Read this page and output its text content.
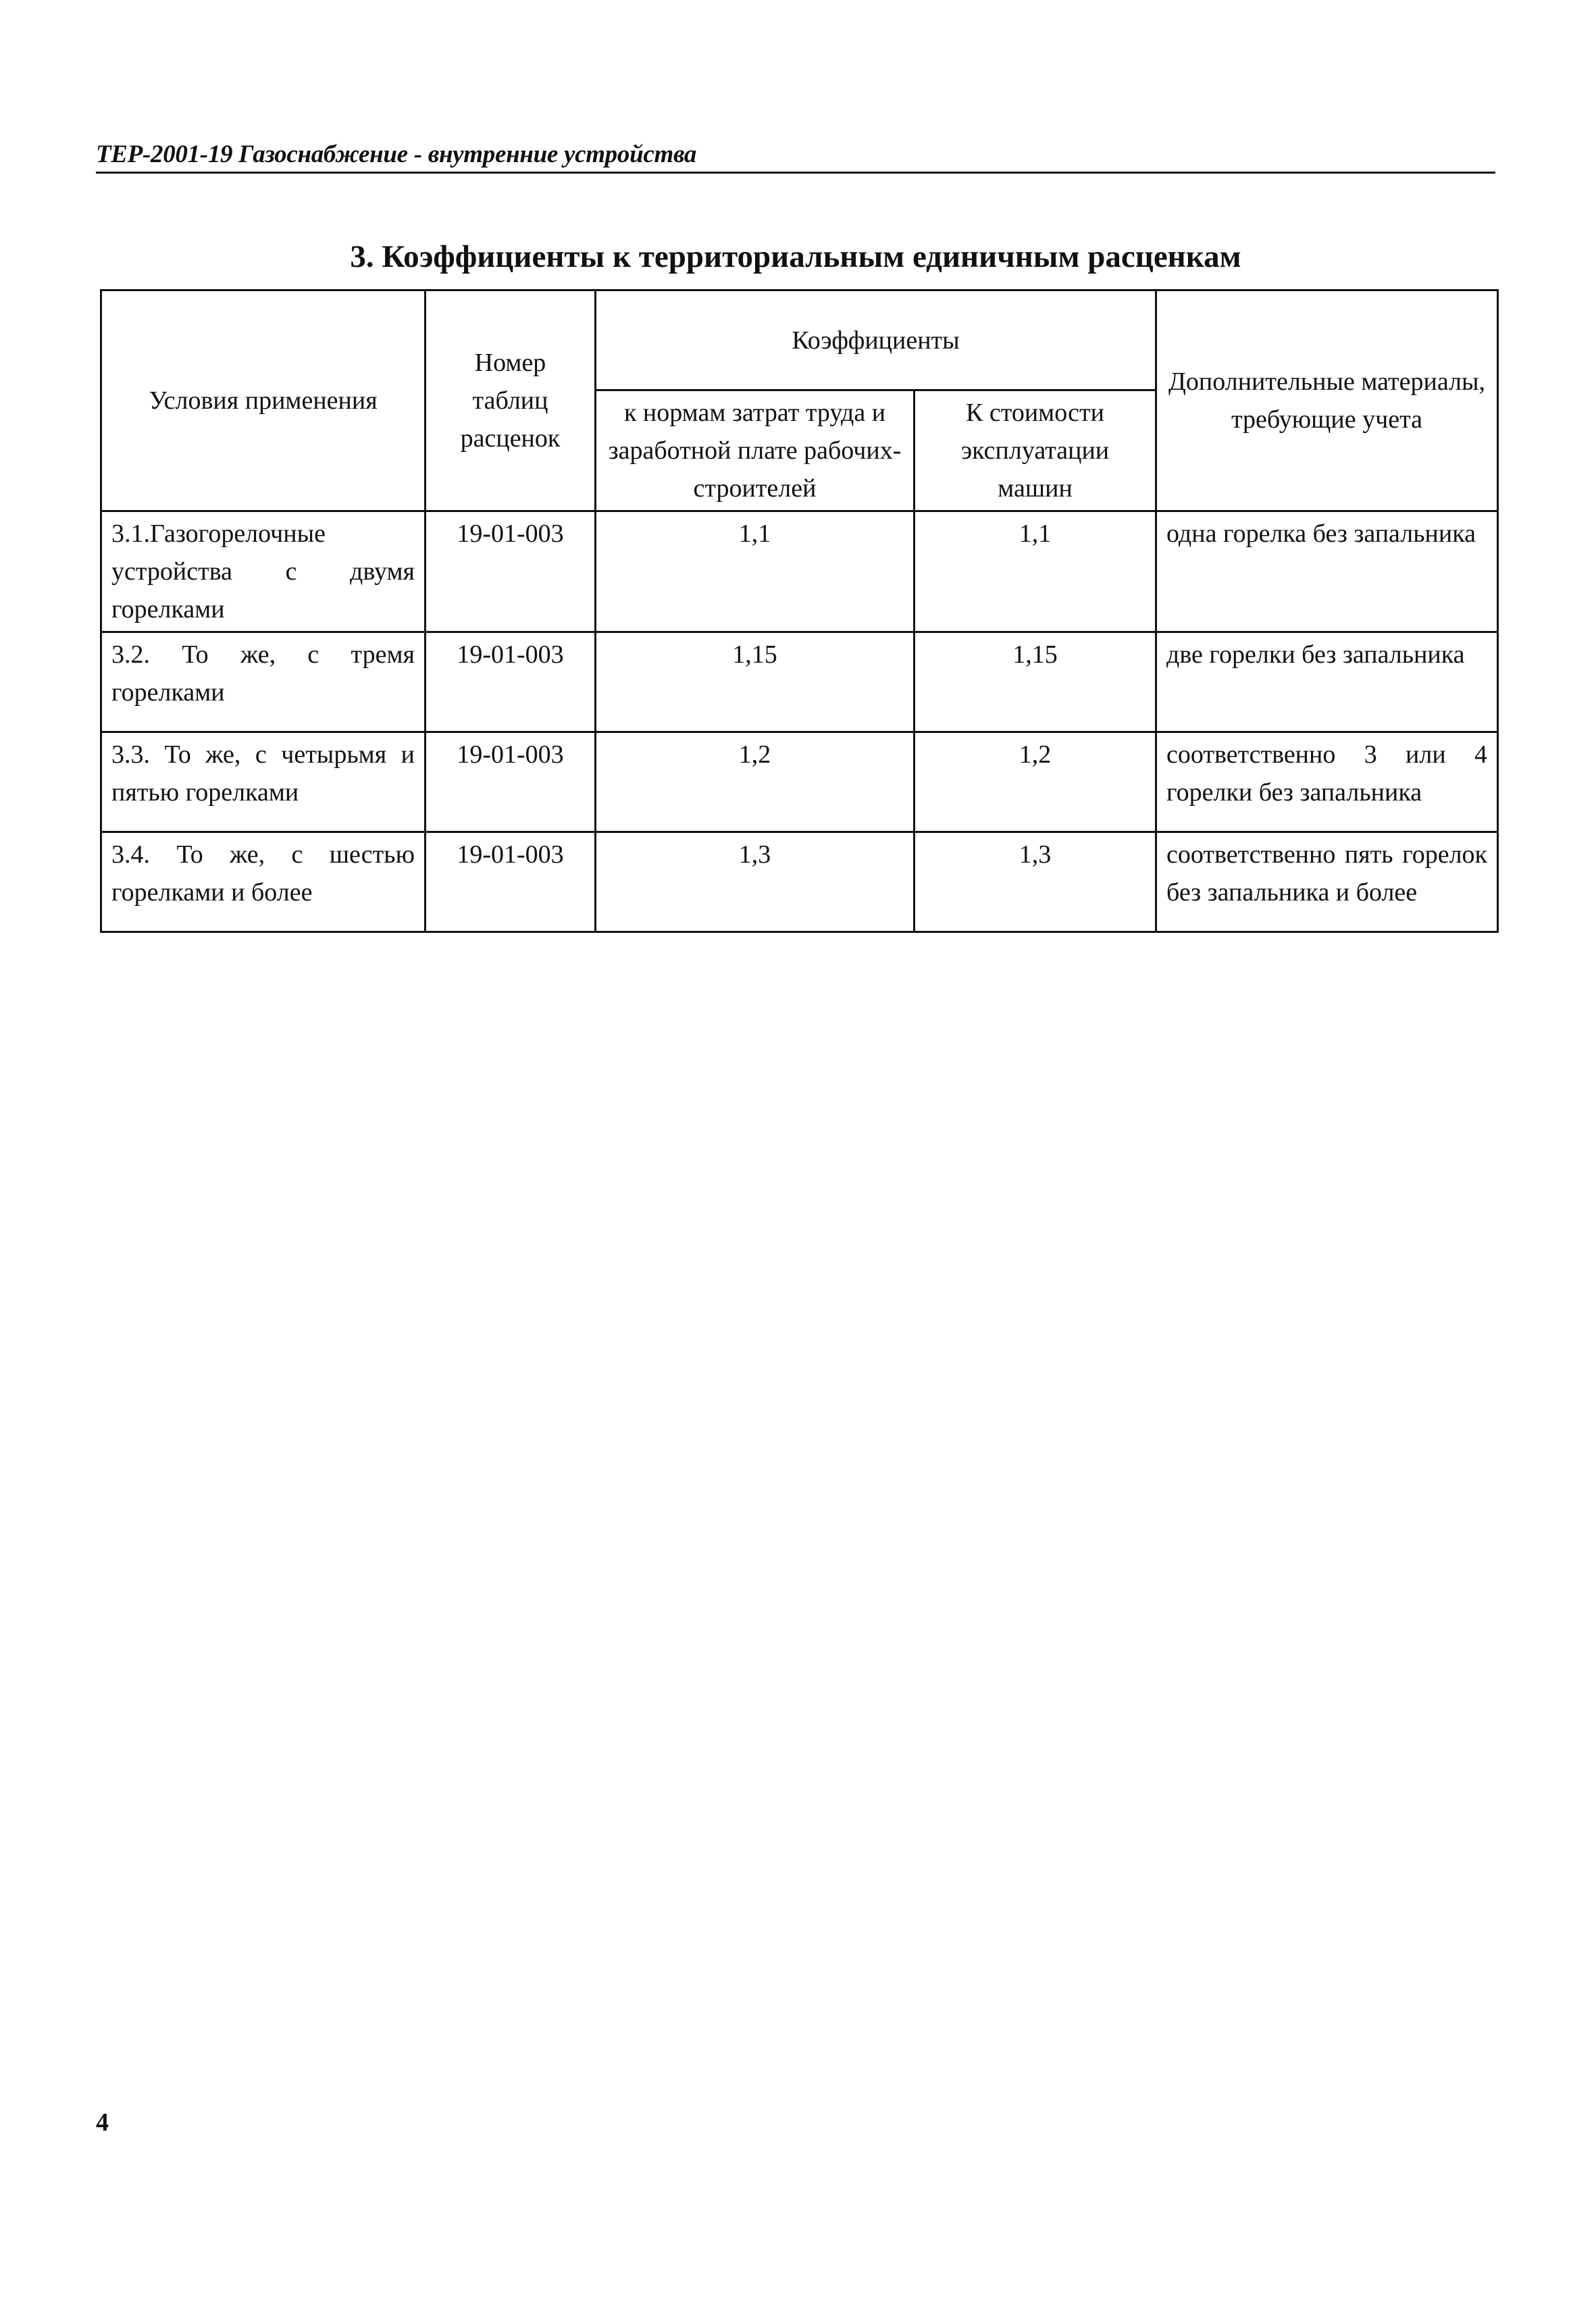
ТЕР-2001-19 Газоснабжение - внутренние устройства
3. Коэффициенты к территориальным единичным расценкам
Условия применения	Номер таблиц расценок	Коэффициенты		Дополнительные материалы, требующие учета
		к нормам затрат труда и заработной плате рабочих-строителей	К стоимости эксплуатации машин	
3.1.Газогорелочные устройства с двумя горелками	19-01-003	1,1	1,1	одна горелка без запальника
3.2. То же, с тремя горелками	19-01-003	1,15	1,15	две горелки без запальника
3.3. То же, с четырьмя и пятью горелками	19-01-003	1,2	1,2	соответственно 3 или 4 горелки без запальника
3.4. То же, с шестью горелками и более	19-01-003	1,3	1,3	соответственно пять горелок без запальника и более
4
